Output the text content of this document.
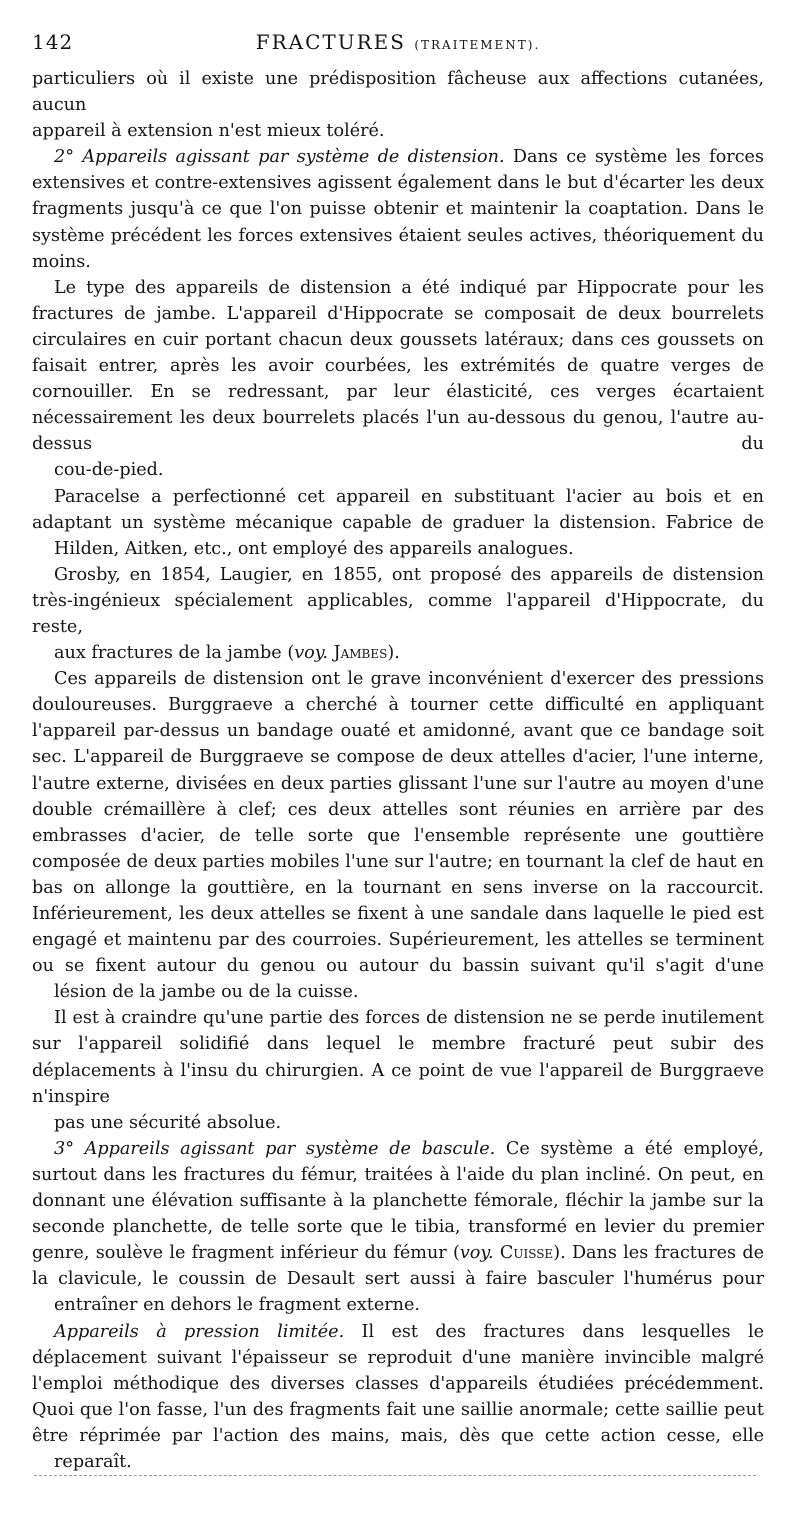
142	FRACTURES (TRAITEMENT).

particuliers où il existe une prédisposition fâcheuse aux affections cutanées, aucun
appareil à extension n'est mieux toléré.

2° Appareils agissant par système de distension. Dans ce système les forces extensives et contre-extensives agissent également dans le but d'écarter les deux fragments jusqu'à ce que l'on puisse obtenir et maintenir la coaptation. Dans le système précédent les forces extensives étaient seules actives, théoriquement du moins.

Le type des appareils de distension a été indiqué par Hippocrate pour les fractures de jambe. L'appareil d'Hippocrate se composait de deux bourrelets circulaires en cuir portant chacun deux goussets latéraux; dans ces goussets on faisait entrer, après les avoir courbées, les extrémités de quatre verges de cornouiller. En se redressant, par leur élasticité, ces verges écartaient nécessairement les deux bourrelets placés l'un au-dessous du genou, l'autre au-dessus du
cou-de-pied.

Paracelse a perfectionné cet appareil en substituant l'acier au bois et en adaptant un système mécanique capable de graduer la distension. Fabrice de
Hilden, Aitken, etc., ont employé des appareils analogues.

Grosby, en 1854, Laugier, en 1855, ont proposé des appareils de distension très-ingénieux spécialement applicables, comme l'appareil d'Hippocrate, du reste,
aux fractures de la jambe (voy. Jambes).

Ces appareils de distension ont le grave inconvénient d'exercer des pressions douloureuses. Burggraeve a cherché à tourner cette difficulté en appliquant l'appareil par-dessus un bandage ouaté et amidonné, avant que ce bandage soit sec. L'appareil de Burggraeve se compose de deux attelles d'acier, l'une interne, l'autre externe, divisées en deux parties glissant l'une sur l'autre au moyen d'une double crémaillère à clef; ces deux attelles sont réunies en arrière par des embrasses d'acier, de telle sorte que l'ensemble représente une gouttière composée de deux parties mobiles l'une sur l'autre; en tournant la clef de haut en bas on allonge la gouttière, en la tournant en sens inverse on la raccourcit. Inférieurement, les deux attelles se fixent à une sandale dans laquelle le pied est engagé et maintenu par des courroies. Supérieurement, les attelles se terminent ou se fixent autour du genou ou autour du bassin suivant qu'il s'agit d'une
lésion de la jambe ou de la cuisse.

Il est à craindre qu'une partie des forces de distension ne se perde inutilement sur l'appareil solidifié dans lequel le membre fracturé peut subir des déplacements à l'insu du chirurgien. A ce point de vue l'appareil de Burggraeve n'inspire
pas une sécurité absolue.

3° Appareils agissant par système de bascule. Ce système a été employé, surtout dans les fractures du fémur, traitées à l'aide du plan incliné. On peut, en donnant une élévation suffisante à la planchette fémorale, fléchir la jambe sur la seconde planchette, de telle sorte que le tibia, transformé en levier du premier genre, soulève le fragment inférieur du fémur (voy. Cuisse). Dans les fractures de la clavicule, le coussin de Desault sert aussi à faire basculer l'humérus pour
entraîner en dehors le fragment externe.

Appareils à pression limitée. Il est des fractures dans lesquelles le déplacement suivant l'épaisseur se reproduit d'une manière invincible malgré l'emploi méthodique des diverses classes d'appareils étudiées précédemment. Quoi que l'on fasse, l'un des fragments fait une saillie anormale; cette saillie peut être réprimée par l'action des mains, mais, dès que cette action cesse, elle
reparaît.
